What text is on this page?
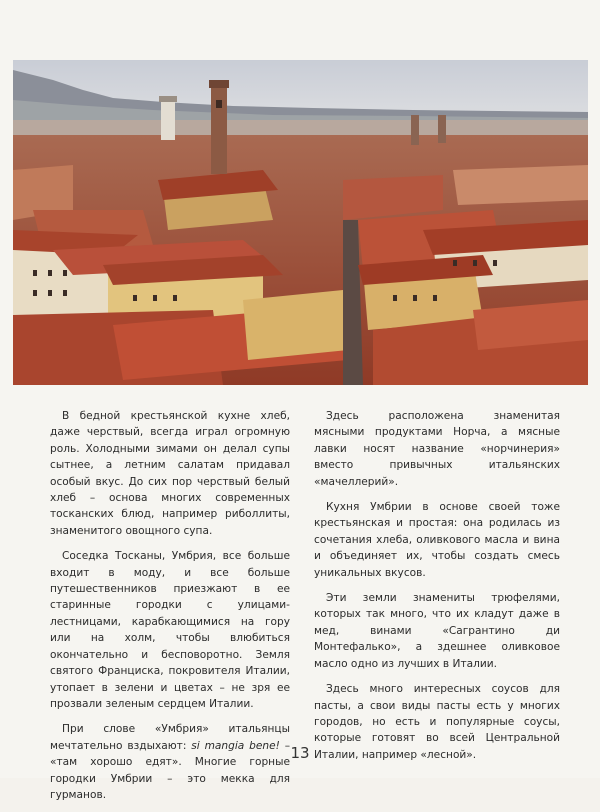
В бедной крестьянской кухне хлеб, даже черствый, всегда играл огромную роль. Холодными зимами он делал супы сытнее, а летним салатам придавал особый вкус. До сих пор черствый белый хлеб – основа многих современных тосканских блюд, например риболлиты, знаменитого овощного супа.

Соседка Тосканы, Умбрия, все больше входит в моду, и все больше путешественников приезжают в ее старинные городки с улицами-лестницами, карабкающимися на гору или на холм, чтобы влюбиться окончательно и бесповоротно. Земля святого Франциска, покровителя Италии, утопает в зелени и цветах – не зря ее прозвали зеленым сердцем Италии.

При слове «Умбрия» итальянцы мечтательно вздыхают: si mangia bene! – «там хорошо едят». Многие горные городки Умбрии – это мекка для гурманов.

Здесь расположена знаменитая мясными продуктами Норча, а мясные лавки носят название «норчинерия» вместо привычных итальянских «мачеллерий».

Кухня Умбрии в основе своей тоже крестьянская и простая: она родилась из сочетания хлеба, оливкового масла и вина и объединяет их, чтобы создать смесь уникальных вкусов.

Эти земли знамениты трюфелями, которых так много, что их кладут даже в мед, винами «Сагрантино ди Монтефалько», а здешнее оливковое масло одно из лучших в Италии.

Здесь много интересных соусов для пасты, а свои виды пасты есть у многих городов, но есть и популярные соусы, которые готовят во всей Центральной Италии, например «лесной».

13
